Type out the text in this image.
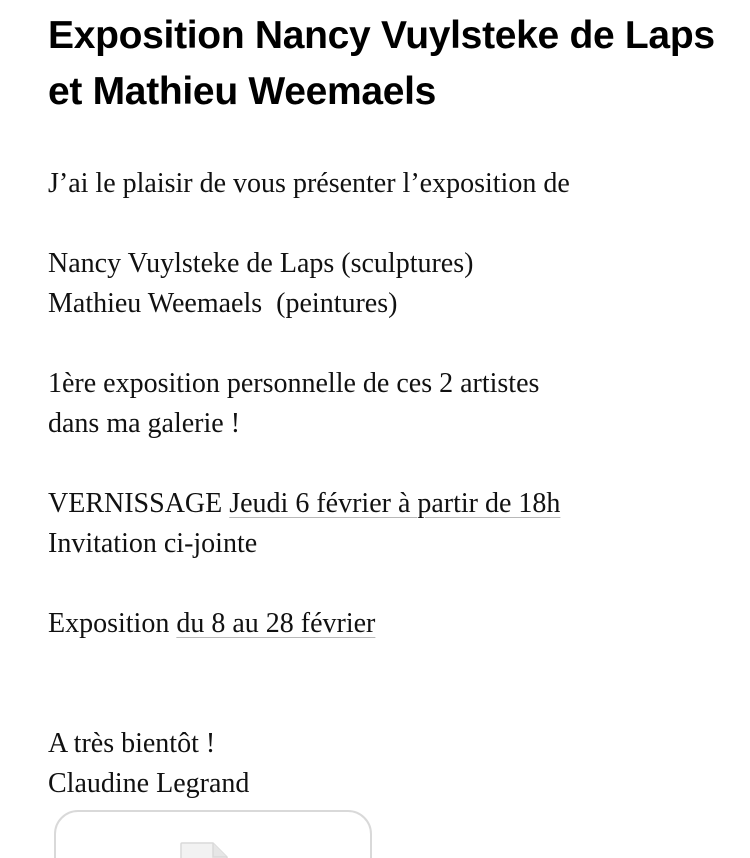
Exposition Nancy Vuylsteke de Laps et Mathieu Weemaels

J’ai le plaisir de vous présenter l’exposition de

Nancy Vuylsteke de Laps (sculptures)

Mathieu Weemaels  (peintures)

1ère exposition personnelle de ces 2 artistes

dans ma galerie !

VERNISSAGE Jeudi 6 février à partir de 18h

Invitation ci-jointe

Exposition du 8 au 28 février

A très bientôt !

Claudine Legrand
